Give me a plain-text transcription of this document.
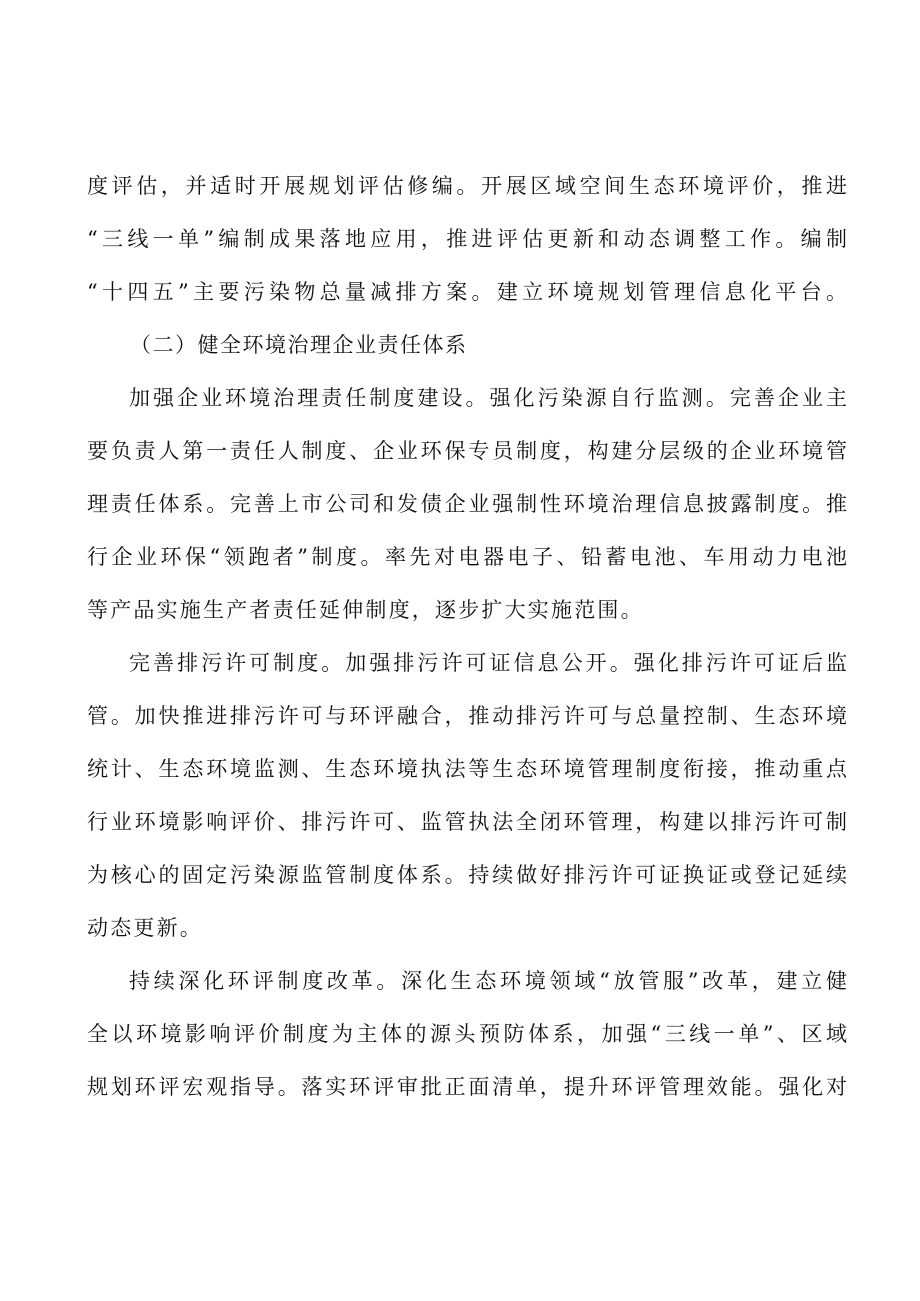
度评估，并适时开展规划评估修编。开展区域空间生态环境评价，推进
“三线一单”编制成果落地应用，推进评估更新和动态调整工作。编制
“十四五”主要污染物总量减排方案。建立环境规划管理信息化平台。
（二）健全环境治理企业责任体系
加强企业环境治理责任制度建设。强化污染源自行监测。完善企业主
要负责人第一责任人制度、企业环保专员制度，构建分层级的企业环境管
理责任体系。完善上市公司和发债企业强制性环境治理信息披露制度。推
行企业环保“领跑者”制度。率先对电器电子、铅蓄电池、车用动力电池
等产品实施生产者责任延伸制度，逐步扩大实施范围。
完善排污许可制度。加强排污许可证信息公开。强化排污许可证后监
管。加快推进排污许可与环评融合，推动排污许可与总量控制、生态环境
统计、生态环境监测、生态环境执法等生态环境管理制度衔接，推动重点
行业环境影响评价、排污许可、监管执法全闭环管理，构建以排污许可制
为核心的固定污染源监管制度体系。持续做好排污许可证换证或登记延续
动态更新。
持续深化环评制度改革。深化生态环境领域“放管服”改革，建立健
全以环境影响评价制度为主体的源头预防体系，加强“三线一单”、区域
规划环评宏观指导。落实环评审批正面清单，提升环评管理效能。强化对
